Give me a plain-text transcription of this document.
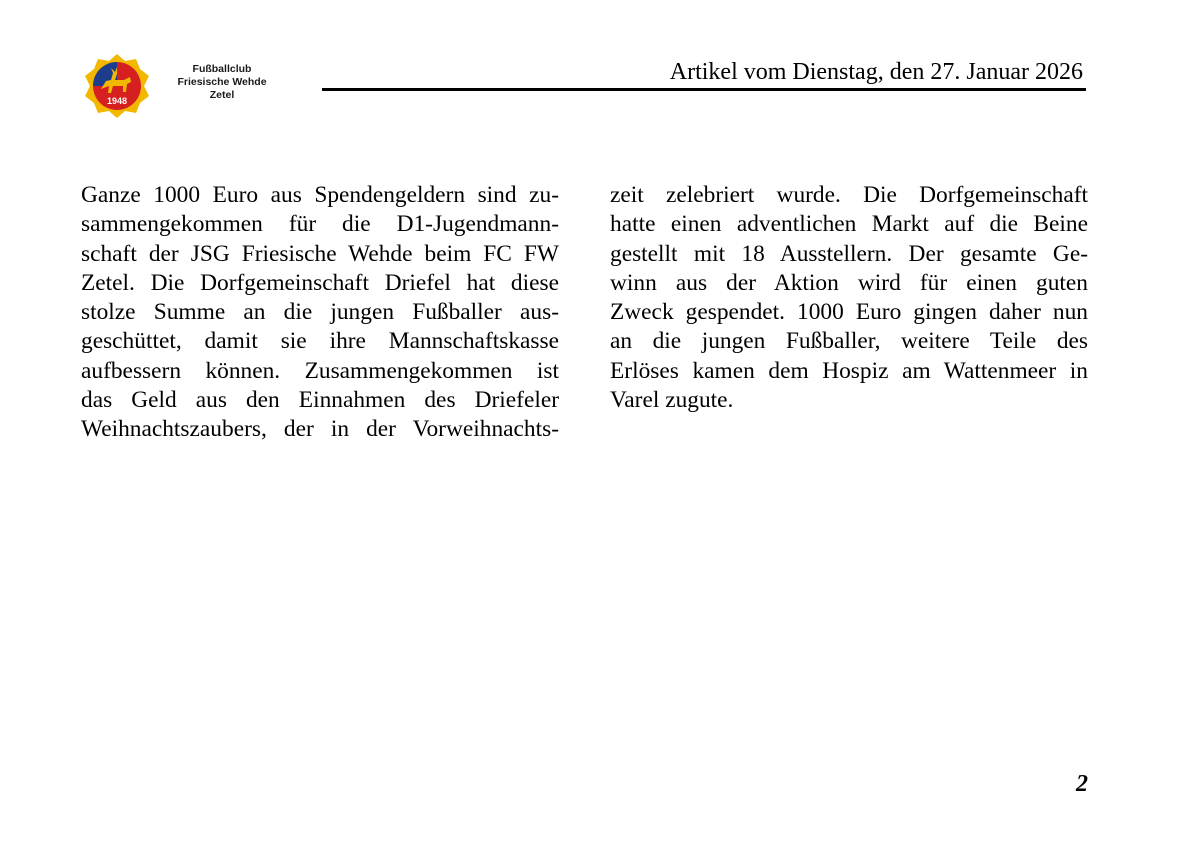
1948
Fußballclub
Friesische Wehde
Zetel
Artikel vom Dienstag, den 27. Januar 2026
Ganze 1000 Euro aus Spendengeldern sind zu-
sammengekommen für die D1-Jugendmann-
schaft der JSG Friesische Wehde beim FC FW
Zetel. Die Dorfgemeinschaft Driefel hat diese
stolze Summe an die jungen Fußballer aus-
geschüttet, damit sie ihre Mannschaftskasse
aufbessern können. Zusammengekommen ist
das Geld aus den Einnahmen des Driefeler
Weihnachtszaubers, der in der Vorweihnachts-
zeit zelebriert wurde. Die Dorfgemeinschaft
hatte einen adventlichen Markt auf die Beine
gestellt mit 18 Ausstellern. Der gesamte Ge-
winn aus der Aktion wird für einen guten
Zweck gespendet. 1000 Euro gingen daher nun
an die jungen Fußballer, weitere Teile des
Erlöses kamen dem Hospiz am Wattenmeer in
Varel zugute.
2
